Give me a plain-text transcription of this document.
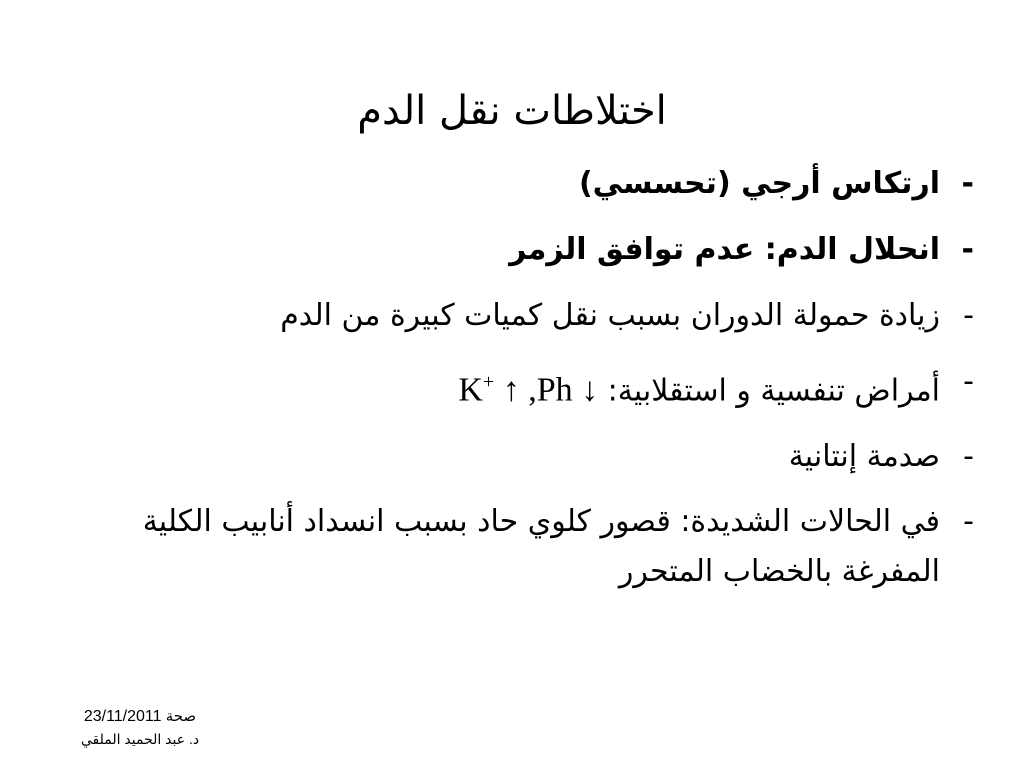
اختلاطات نقل الدم
-
ارتكاس أرجي (تحسسي)
-
انحلال الدم: عدم توافق الزمر
-
زيادة حمولة الدوران بسبب نقل كميات كبيرة من الدم
-
أمراض تنفسية و استقلابية: K+ ↑ ,Ph ↓
-
صدمة إنتانية
-
في الحالات الشديدة: قصور كلوي حاد بسبب انسداد أنابيب الكلية المفرغة بالخضاب المتحرر
صحة 23/11/2011
د. عبد الحميد الملقي
